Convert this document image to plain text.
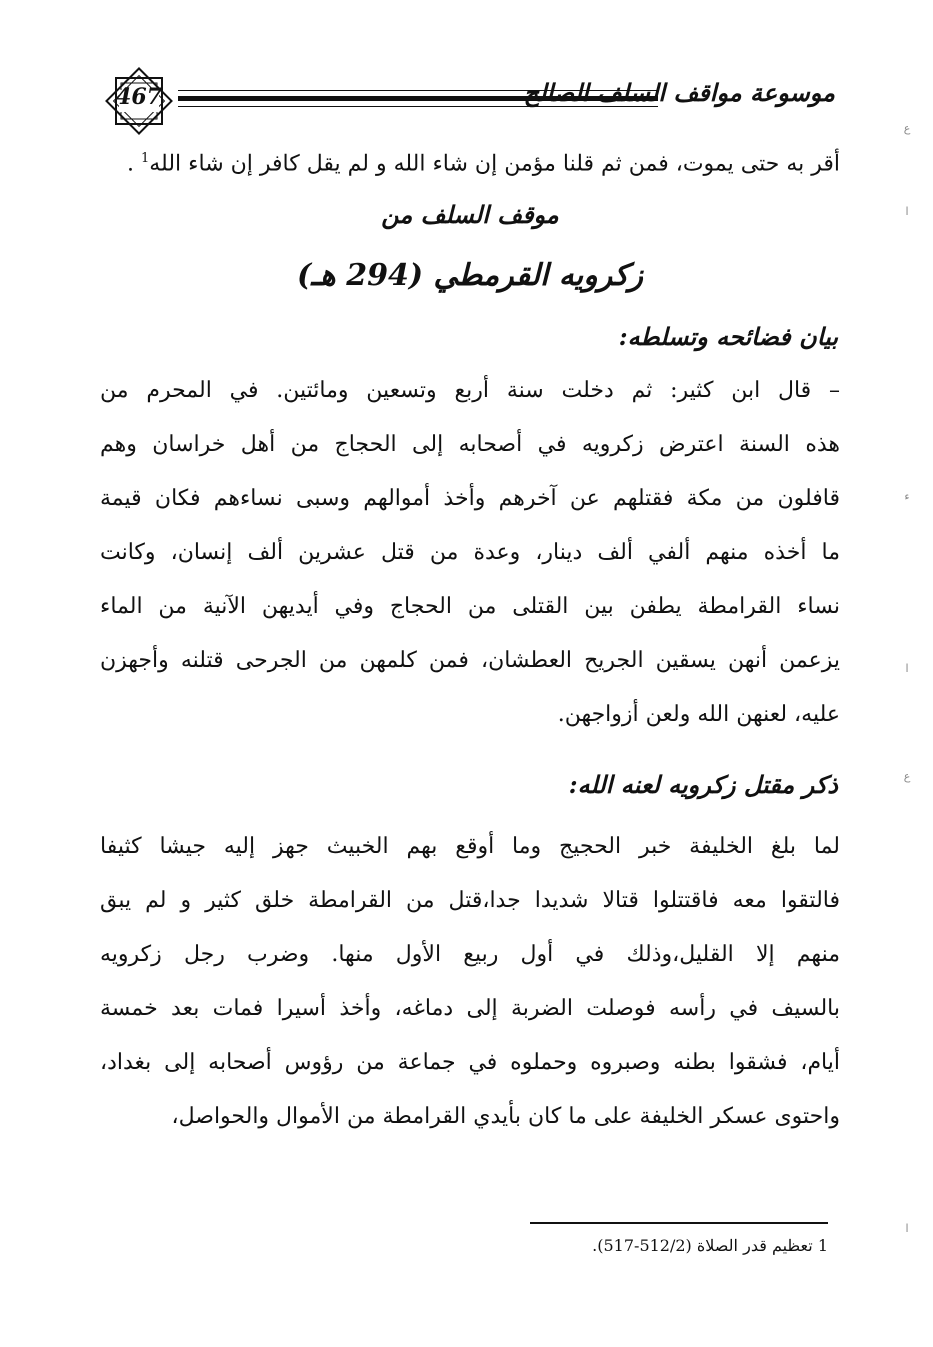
467	موسوعة مواقف السلف الصالح
أقر به حتى يموت، فمن ثم قلنا مؤمن إن شاء الله و لم يقل كافر إن شاء الله$^1$ .
موقف السلف من
زكرويه القرمطي (294 هـ)
بيان فضائحه وتسلطه:
– قال ابن كثير: ثم دخلت سنة أربع وتسعين ومائتين. في المحرم من
هذه السنة اعترض زكرويه في أصحابه إلى الحجاج من أهل خراسان وهم
قافلون من مكة فقتلهم عن آخرهم وأخذ أموالهم وسبى نساءهم فكان قيمة
ما أخذه منهم ألفي ألف دينار، وعدة من قتل عشرين ألف إنسان، وكانت
نساء القرامطة يطفن بين القتلى من الحجاج وفي أيديهن الآنية من الماء
يزعمن أنهن يسقين الجريح العطشان، فمن كلمهن من الجرحى قتلنه وأجهزن
عليه، لعنهن الله ولعن أزواجهن.
ذكر مقتل زكرويه لعنه الله:
لما بلغ الخليفة خبر الحجيج وما أوقع بهم الخبيث جهز إليه جيشا كثيفا
فالتقوا معه فاقتتلوا قتالا شديدا جدا،قتل من القرامطة خلق كثير و لم يبق
منهم إلا القليل،وذلك في أول ربيع الأول منها. وضرب رجل زكرويه
بالسيف في رأسه فوصلت الضربة إلى دماغه، وأخذ أسيرا فمات بعد خمسة
أيام، فشقوا بطنه وصبروه وحملوه في جماعة من رؤوس أصحابه إلى بغداد،
واحتوى عسكر الخليفة على ما كان بأيدي القرامطة من الأموال والحواصل،
1 تعظيم قدر الصلاة (512/2-517).
ع
ا
ء
ا
ع
ا
